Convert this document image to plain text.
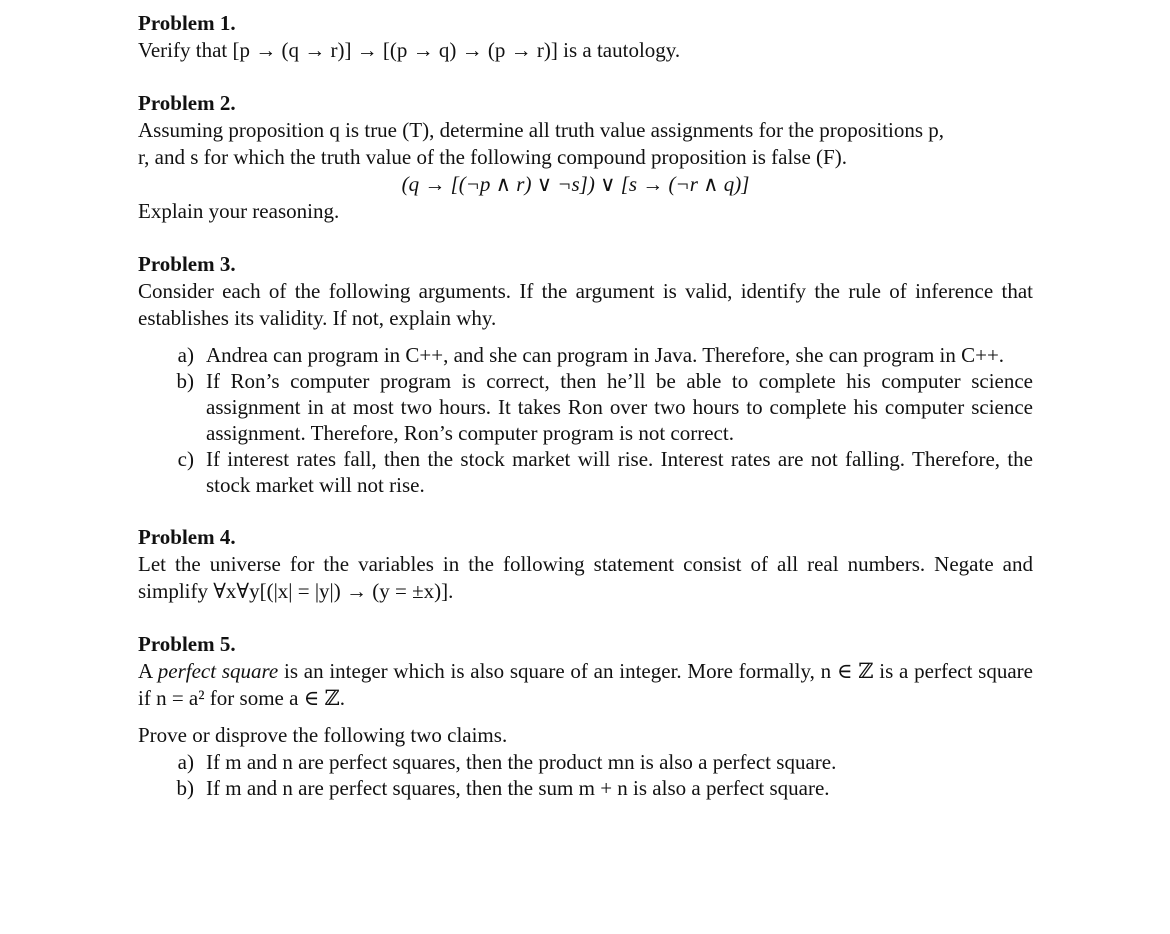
Problem 1.

Verify that [p → (q → r)] → [(p → q) → (p → r)] is a tautology.

Problem 2.

Assuming proposition q is true (T), determine all truth value assignments for the propositions p,

r, and s for which the truth value of the following compound proposition is false (F).

(q → [(¬p ∧ r) ∨ ¬s]) ∨ [s → (¬r ∧ q)]

Explain your reasoning.

Problem 3.

Consider each of the following arguments. If the argument is valid, identify the rule of inference that establishes its validity. If not, explain why.

a) Andrea can program in C++, and she can program in Java. Therefore, she can program in C++.
b) If Ron’s computer program is correct, then he’ll be able to complete his computer science assignment in at most two hours. It takes Ron over two hours to complete his computer science assignment. Therefore, Ron’s computer program is not correct.
c) If interest rates fall, then the stock market will rise. Interest rates are not falling. Therefore, the stock market will not rise.

Problem 4.

Let the universe for the variables in the following statement consist of all real numbers. Negate and simplify ∀x∀y[(|x| = |y|) → (y = ±x)].

Problem 5.

A perfect square is an integer which is also square of an integer. More formally, n ∈ ℤ is a perfect square if n = a² for some a ∈ ℤ.

Prove or disprove the following two claims.

a) If m and n are perfect squares, then the product mn is also a perfect square.
b) If m and n are perfect squares, then the sum m + n is also a perfect square.
